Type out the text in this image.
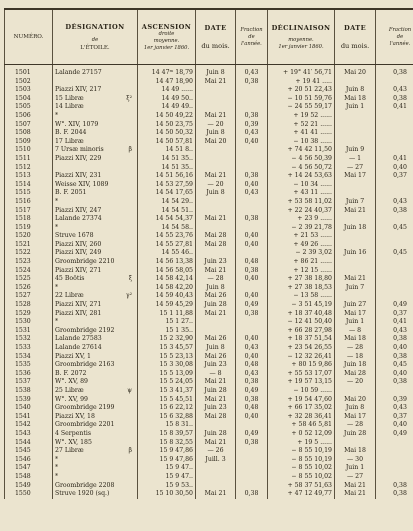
NUMÉRO.	DÉSIGNATION
de
L'ÉTOILE.	ASCENSION
droite
moyenne.
1er janvier 1860.	DATE
du mois.	Fraction
de
l'année.	DÉCLINAISON
moyenne.
1er janvier 1860.	DATE
du mois.	Fraction
de
l'année.

1501	Lalande 27157	14 47ᵐ 18,79	Juin 8	0,43	+ 19° 41′ 56,71	Mai 20	0,38
1502		14 47 18,90	Mai 21	0,38	+ 19 41 .....		
1503	Piazzi XIV, 217	14 49 ......			+ 20 51 22,43	Juin 8	0,43
1504	15 Libræ ξ²	14 49 50..			− 10 51 59,76	Mai 18	0,38
1505	14 Libræ	14 49 49..			− 24 55 59,17	Juin 1	0,41
1506	*	14 50 49,22	Mai 21	0,38	+ 19 52 ......		
1507	W°. XIV, 1079	14 50 23,75	— 20	0,39	+ 52 21 ......		
1508	B. F. 2044	14 50 50,32	Juin 8	0,43	+ 41 41 ......		
1509	17 Libræ	14 50 57,81	Mai 20	0,40	− 10 38 ......		
1510	7 Ursæ minoris β	14 51 8..			+ 74 42 11,50	Juin 9	
1511	Piazzi XIV, 229	14 51 35..			− 4 56 50,39	— 1	0,41
1512		14 51 35..			− 4 56 50,72	— 27	0,40
1513	Piazzi XIV, 231	14 51 56,16	Mai 21	0,38	+ 14 24 53,63	Mai 17	0,37
1514	Weisse XIV, 1089	14 53 27,59	— 20	0,40	− 10 34 ......		
1515	B. F. 2051	14 54 17,65	Juin 8	0,43	+ 43 11 ......		
1516	*	14 54 29..			+ 53 58 11,02	Juin 7	0,43
1517	Piazzi XIV, 247	14 54 51..			+ 22 24 40,37	Mai 21	0,38
1518	Lalande 27374	14 54 54,37	Mai 21	0,38	+ 23 9 ......		
1519	*	14 54 58..			− 2 39 21,78	Juin 18	0,45
1520	Struve 1678	14 55 23,76	Mai 28	0,40	+ 21 53 ......		
1521	Piazzi XIV, 260	14 55 27,81	Mai 28	0,40	+ 49 26 ......		
1522	Piazzi XIV, 249	14 55 46..			− 2 39 3,02	Juin 16	0,45
1523	Groombridge 2210	14 56 13,38	Juin 23	0,48	+ 86 21 ......		
1524	Piazzi XIV, 271	14 56 58,05	Mai 21	0,38	+ 12 15 ......		
1525	45 Boötis ξ	14 58 42,14	— 28	0,40	+ 27 38 18,80	Mai 21	
1526	*	14 58 42,20	Juin 8		+ 27 38 18,53	Juin 7	
1527	22 Libræ γ²	14 59 40,43	Mai 26	0,40	− 13 58 ......		
1528	Piazzi XIV, 271	14 59 45,29	Juin 28	0,49	− 3 51 45,19	Juin 27	0,49
1529	Piazzi XIV, 281	15 1 11,88	Mai 21	0,38	+ 18 37 40,48	Mai 17	0,37
1530	*	15 1 27..			− 12 41 50,40	Juin 1	0,41
1531	Groombridge 2192	15 1 35..			+ 66 28 27,98	— 8	0,43
1532	Lalande 27583	15 2 32,90	Mai 26	0,40	+ 18 37 51,54	Mai 18	0,38
1533	Lalande 27614	15 3 45,57	Juin 8	0,43	+ 23 54 26,55	— 28	0,40
1534	Piazzi XV, 1	15 5 23,13	Mai 26	0,40	− 12 32 26,41	— 18	0,38
1535	Groombridge 2163	15 3 30,08	Juin 23	0,48	+ 80 15 9,86	Juin 18	0,45
1536	B. F. 2072	15 5 13,09	— 8	0,43	+ 55 53 17,07	Mai 28	0,40
1537	W°. XV, 89	15 5 24,05	Mai 21	0,38	+ 19 57 13,15	— 20	0,38
1538	25 Libræ ψ	15 3 41,37	Juin 28	0,49	− 10 59 ......		
1539	W°. XV, 99	15 5 45,51	Mai 21	0,38	+ 19 54 47,60	Mai 20	0,39
1540	Groombridge 2199	15 6 22,12	Juin 23	0,48	+ 66 17 35,02	Juin 8	0,43
1541	Piazzi XV, 18	15 6 32,88	Mai 28	0,40	+ 32 28 36,41	Mai 17	0,37
1542	Groombridge 2201	15 8 31..			+ 58 46 5,81	— 28	0,40
1543	4 Serpentis	15 8 39,57	Juin 28	0,49	+ 0 52 12,09	Juin 28	0,49
1544	W°. XV, 185	15 8 32,55	Mai 21	0,38	+ 19 5 ......		
1545	27 Libræ β	15 9 47,86	— 26		− 8 55 10,19	Mai 18	
1546	*	15 9 47,86	Juill. 3		− 8 55 10,19	— 30	
1547	*	15 9 47..			− 8 55 10,02	Juin 1	
1548	*	15 9 47..			− 8 55 10,02	— 27	
1549	Groombridge 2208	15 9 53..			+ 58 37 51,63	Mai 21	0,38
1550	Struve 1920 (sq.)	15 10 30,50	Mai 21	0,38	+ 47 12 49,77	Mai 21	0,38
